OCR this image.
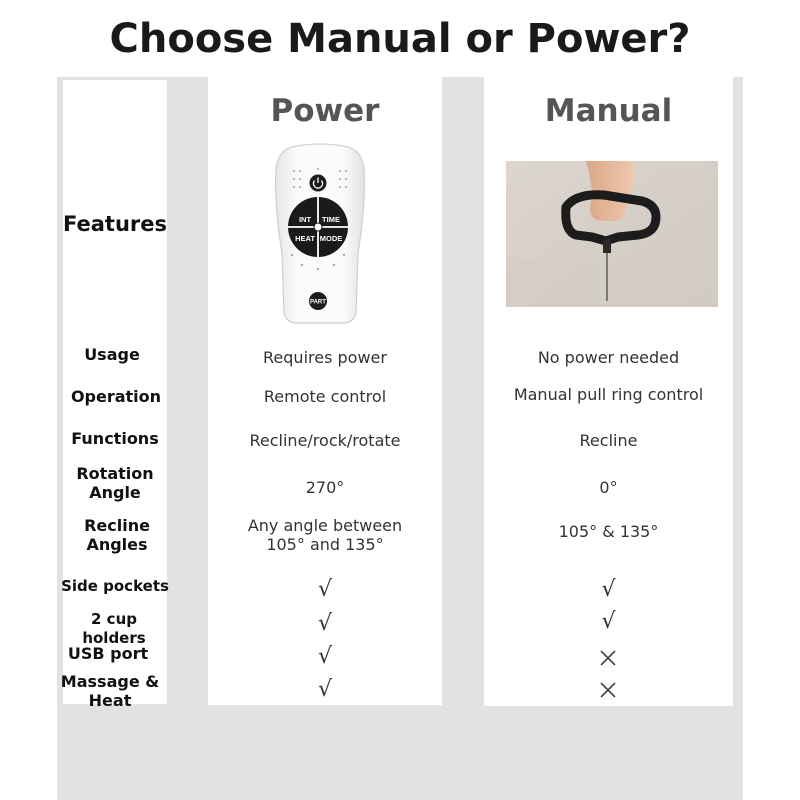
Choose Manual or Power?
Power	Manual
Features	INT TIME
HEAT MODE
PART
Usage
Operation
Functions
Rotation Angle
Recline Angles
Side pockets
2 cup holders
USB port
Massage & Heat
Requires power
Remote control
Recline/rock/rotate
270°
Any angle between 105° and 135°
√
√
√
√
No power needed
Manual pull ring control
Recline
0°
105° & 135°
√
√
